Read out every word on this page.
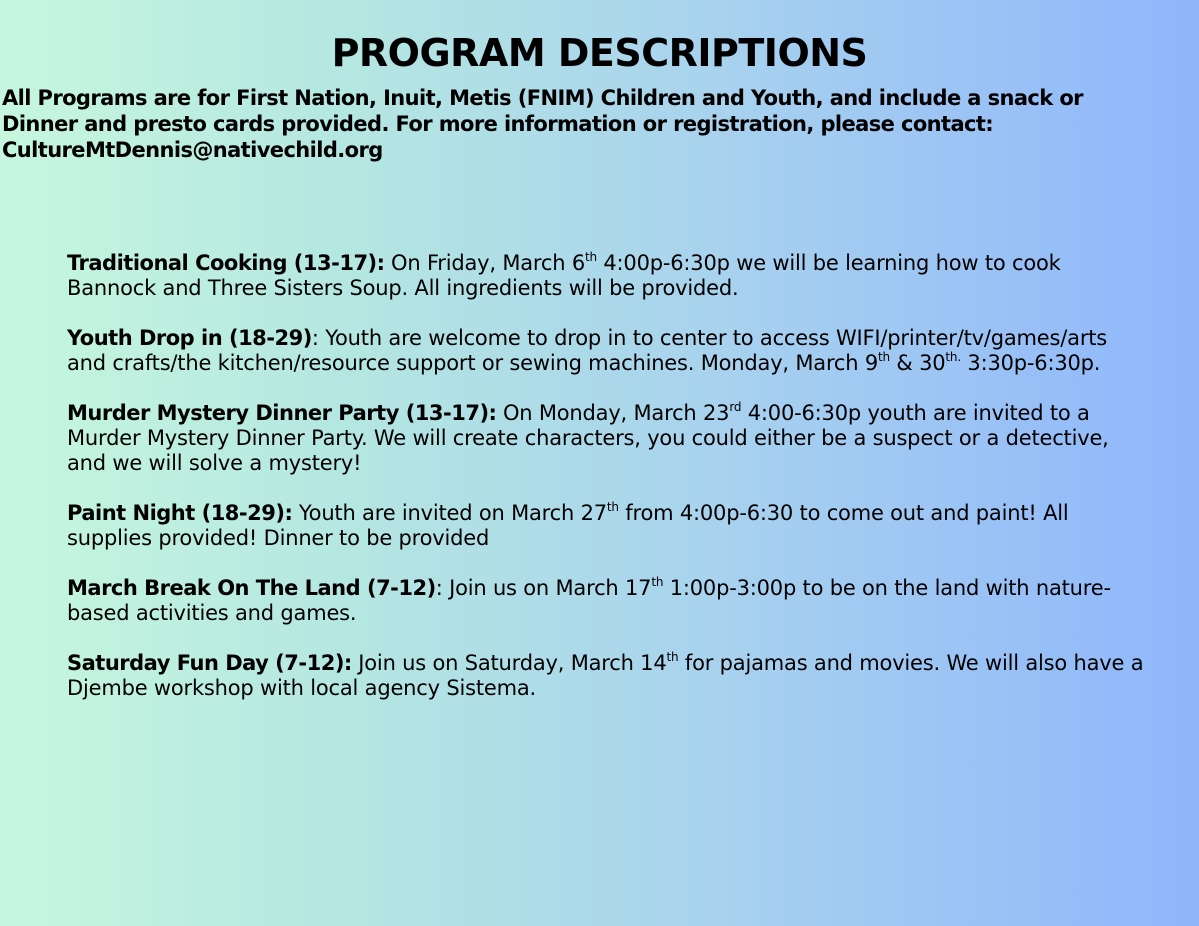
PROGRAM DESCRIPTIONS

All Programs are for First Nation, Inuit, Metis (FNIM) Children and Youth, and include a snack or
Dinner and presto cards provided. For more information or registration, please contact:
CultureMtDennis@nativechild.org

Traditional Cooking (13-17): On Friday, March 6th 4:00p-6:30p we will be learning how to cook Bannock and Three Sisters Soup. All ingredients will be provided.

Youth Drop in (18-29): Youth are welcome to drop in to center to access WIFI/printer/tv/games/arts and crafts/the kitchen/resource support or sewing machines. Monday, March 9th & $30^{th.}$ 3:30p-6:30p.

Murder Mystery Dinner Party (13-17): On Monday, March 23rd 4:00-6:30p youth are invited to a Murder Mystery Dinner Party. We will create characters, you could either be a suspect or a detective, and we will solve a mystery!

Paint Night (18-29): Youth are invited on March 27th from 4:00p-6:30 to come out and paint! All supplies provided! Dinner to be provided

March Break On The Land (7-12): Join us on March 17th 1:00p-3:00p to be on the land with nature-based activities and games.

Saturday Fun Day (7-12): Join us on Saturday, March 14th for pajamas and movies. We will also have a Djembe workshop with local agency Sistema.
